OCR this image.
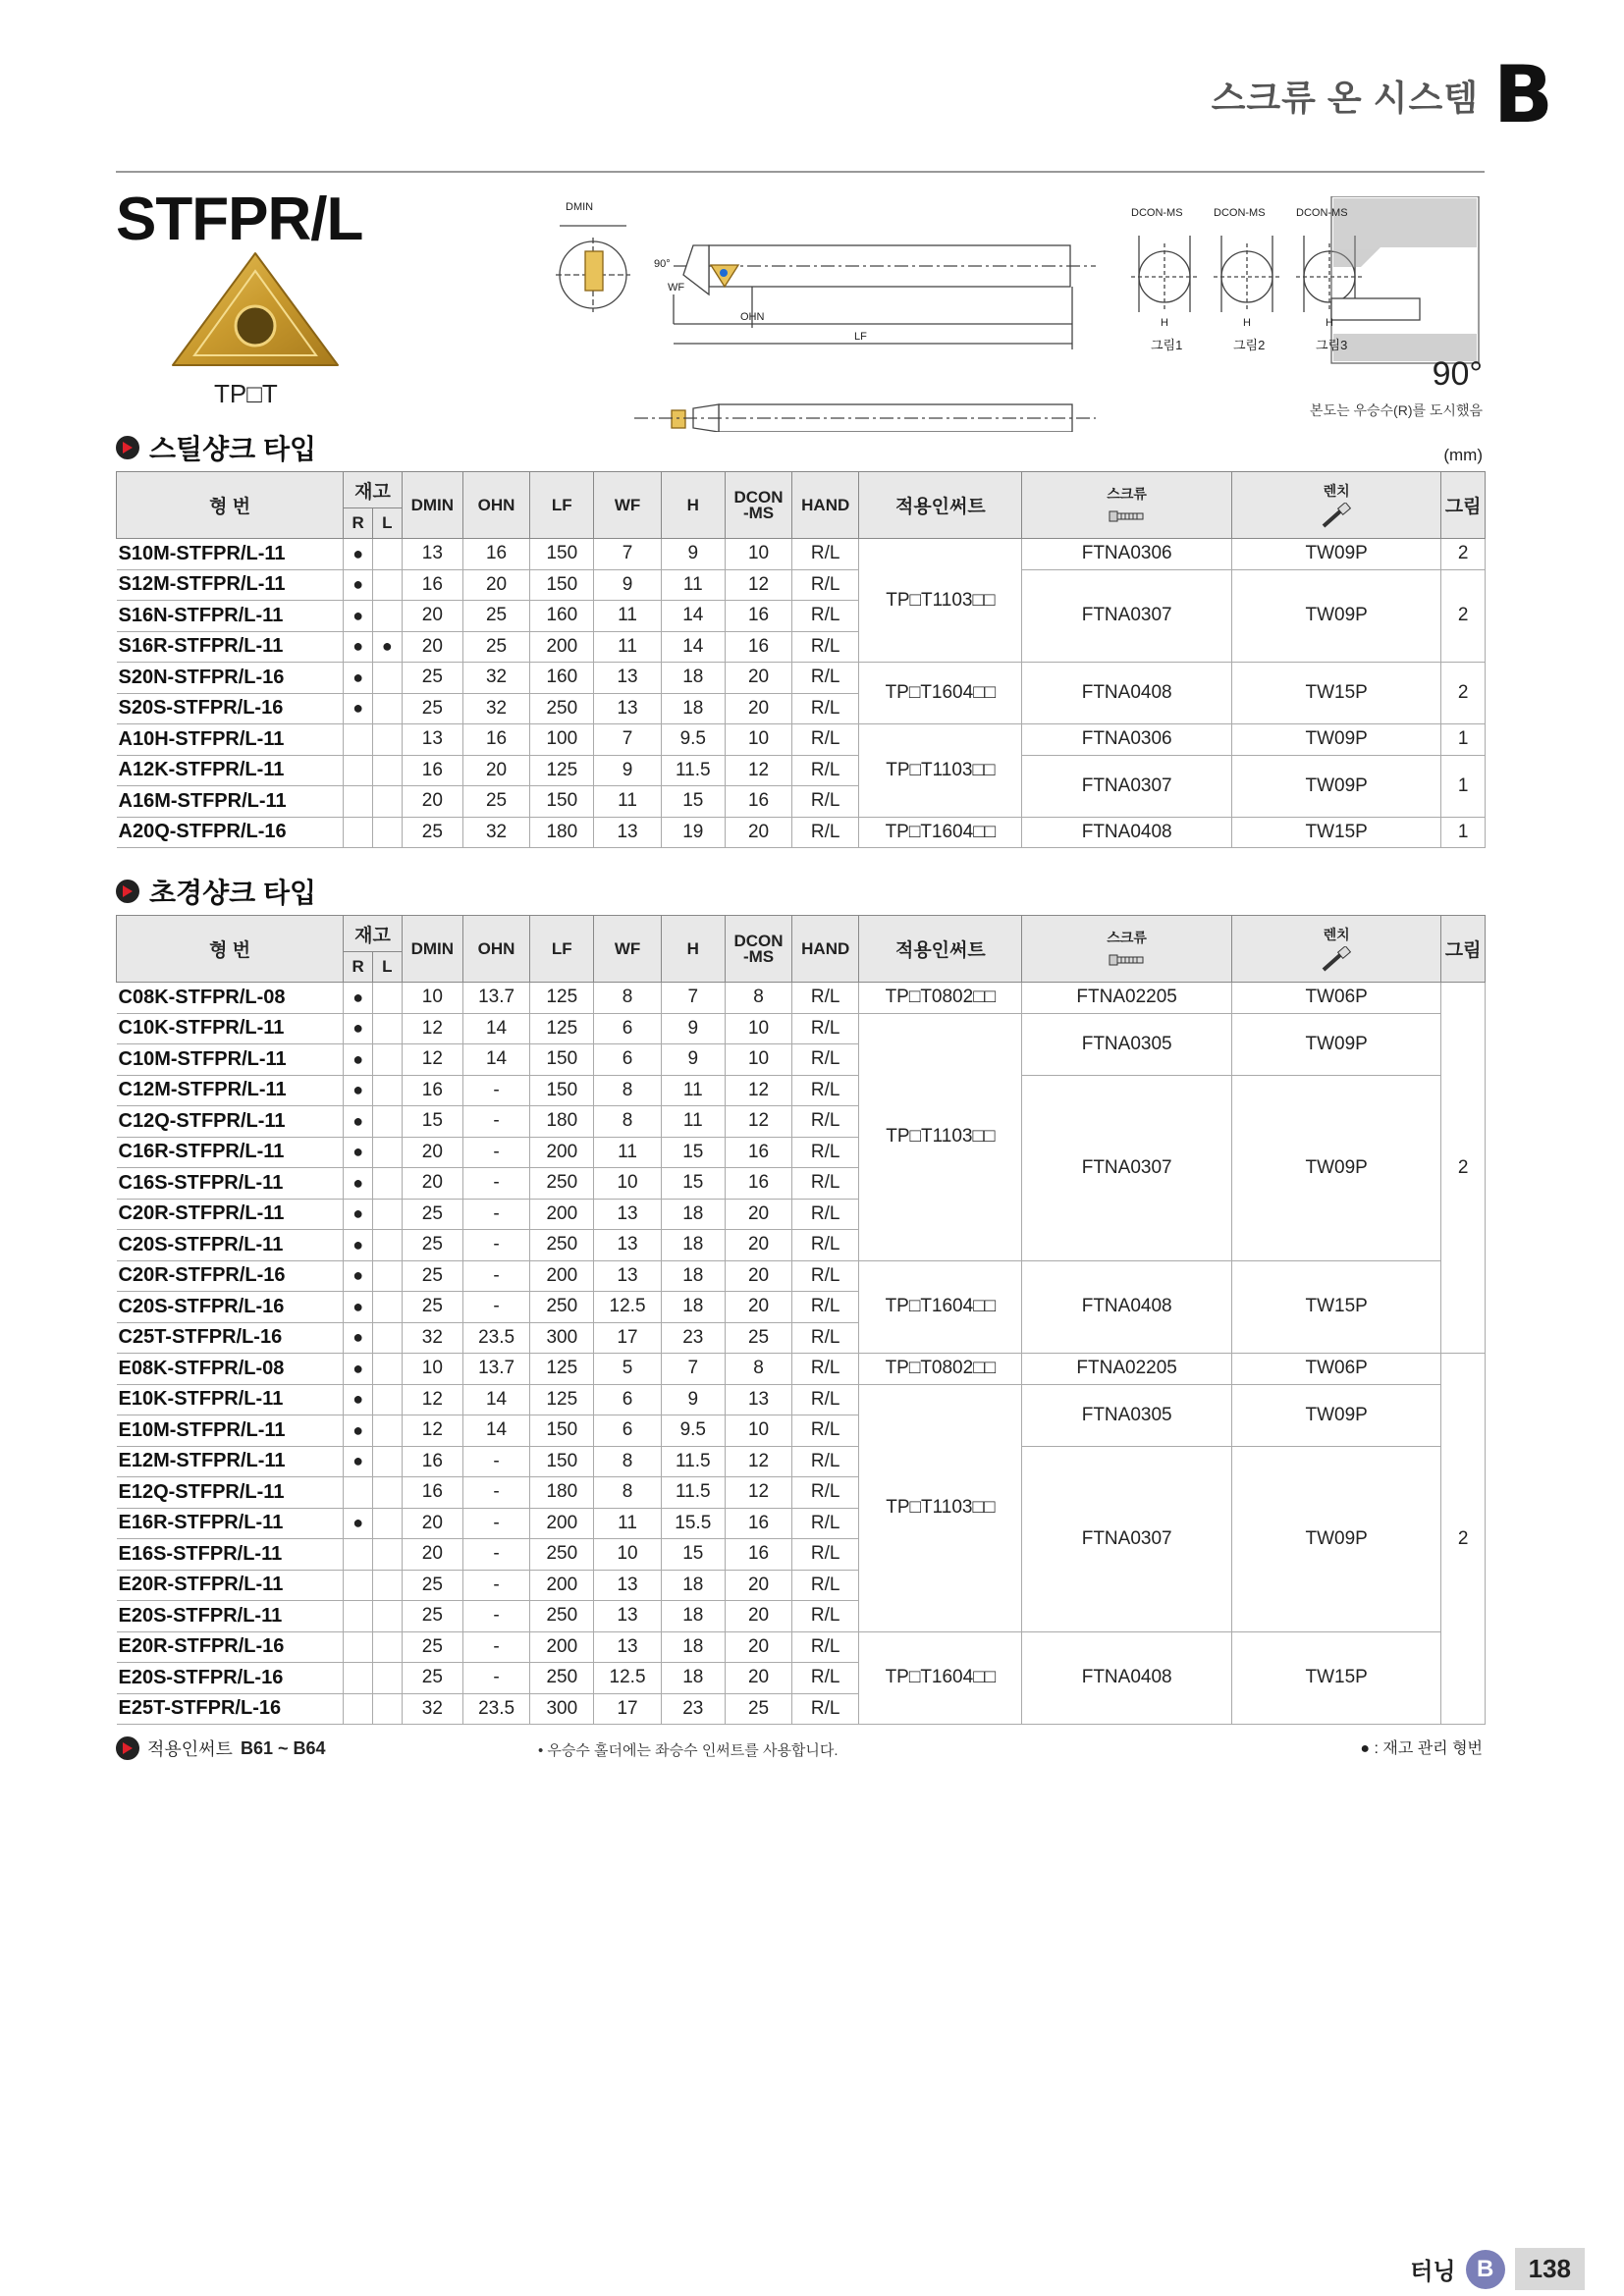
스크류 온 시스템 B
STFPR/L
TP□T
DMIN
90°
WF
OHN
LF
DCON-MS	DCON-MS	DCON-MS
H	H	H
그림1	그림2	그림3
90°
본도는 우승수(R)를 도시했음
스틸샹크 타입	(mm)
형 번	재고		DMIN	OHN	LF	WF	H	DCON
-MS	HAND	적용인써트	스크류	렌치	그림
	R	L											
S10M-STFPR/L-11	●		13	16	150	7	9	10	R/L	TP□T1103□□	FTNA0306	TW09P	2
S12M-STFPR/L-11	●		16	20	150	9	11	12	R/L		FTNA0307	TW09P	2
S16N-STFPR/L-11	●		20	25	160	11	14	16	R/L				
S16R-STFPR/L-11	●	●	20	25	200	11	14	16	R/L				
S20N-STFPR/L-16	●		25	32	160	13	18	20	R/L	TP□T1604□□	FTNA0408	TW15P	2
S20S-STFPR/L-16	●		25	32	250	13	18	20	R/L				
A10H-STFPR/L-11			13	16	100	7	9.5	10	R/L	TP□T1103□□	FTNA0306	TW09P	1
A12K-STFPR/L-11			16	20	125	9	11.5	12	R/L		FTNA0307	TW09P	1
A16M-STFPR/L-11			20	25	150	11	15	16	R/L				
A20Q-STFPR/L-16			25	32	180	13	19	20	R/L	TP□T1604□□	FTNA0408	TW15P	1
초경샹크 타입
형 번	재고		DMIN	OHN	LF	WF	H	DCON
-MS	HAND	적용인써트	스크류	렌치	그림
	R	L											
C08K-STFPR/L-08	●		10	13.7	125	8	7	8	R/L	TP□T0802□□	FTNA02205	TW06P	2
C10K-STFPR/L-11	●		12	14	125	6	9	10	R/L	TP□T1103□□	FTNA0305	TW09P	
C10M-STFPR/L-11	●		12	14	150	6	9	10	R/L				
C12M-STFPR/L-11	●		16	-	150	8	11	12	R/L		FTNA0307	TW09P	
C12Q-STFPR/L-11	●		15	-	180	8	11	12	R/L				
C16R-STFPR/L-11	●		20	-	200	11	15	16	R/L				
C16S-STFPR/L-11	●		20	-	250	10	15	16	R/L				
C20R-STFPR/L-11	●		25	-	200	13	18	20	R/L				
C20S-STFPR/L-11	●		25	-	250	13	18	20	R/L				
C20R-STFPR/L-16	●		25	-	200	13	18	20	R/L	TP□T1604□□	FTNA0408	TW15P	
C20S-STFPR/L-16	●		25	-	250	12.5	18	20	R/L				
C25T-STFPR/L-16	●		32	23.5	300	17	23	25	R/L				
E08K-STFPR/L-08	●		10	13.7	125	5	7	8	R/L	TP□T0802□□	FTNA02205	TW06P	2
E10K-STFPR/L-11	●		12	14	125	6	9	13	R/L	TP□T1103□□	FTNA0305	TW09P	
E10M-STFPR/L-11	●		12	14	150	6	9.5	10	R/L				
E12M-STFPR/L-11	●		16	-	150	8	11.5	12	R/L		FTNA0307	TW09P	
E12Q-STFPR/L-11			16	-	180	8	11.5	12	R/L				
E16R-STFPR/L-11	●		20	-	200	11	15.5	16	R/L				
E16S-STFPR/L-11			20	-	250	10	15	16	R/L				
E20R-STFPR/L-11			25	-	200	13	18	20	R/L				
E20S-STFPR/L-11			25	-	250	13	18	20	R/L				
E20R-STFPR/L-16			25	-	200	13	18	20	R/L	TP□T1604□□	FTNA0408	TW15P	
E20S-STFPR/L-16			25	-	250	12.5	18	20	R/L				
E25T-STFPR/L-16			32	23.5	300	17	23	25	R/L				
적용인써트 B61 ~ B64	• 우승수 홀더에는 좌승수 인써트를 사용합니다.	● : 재고 관리 형번
터닝 B	138
